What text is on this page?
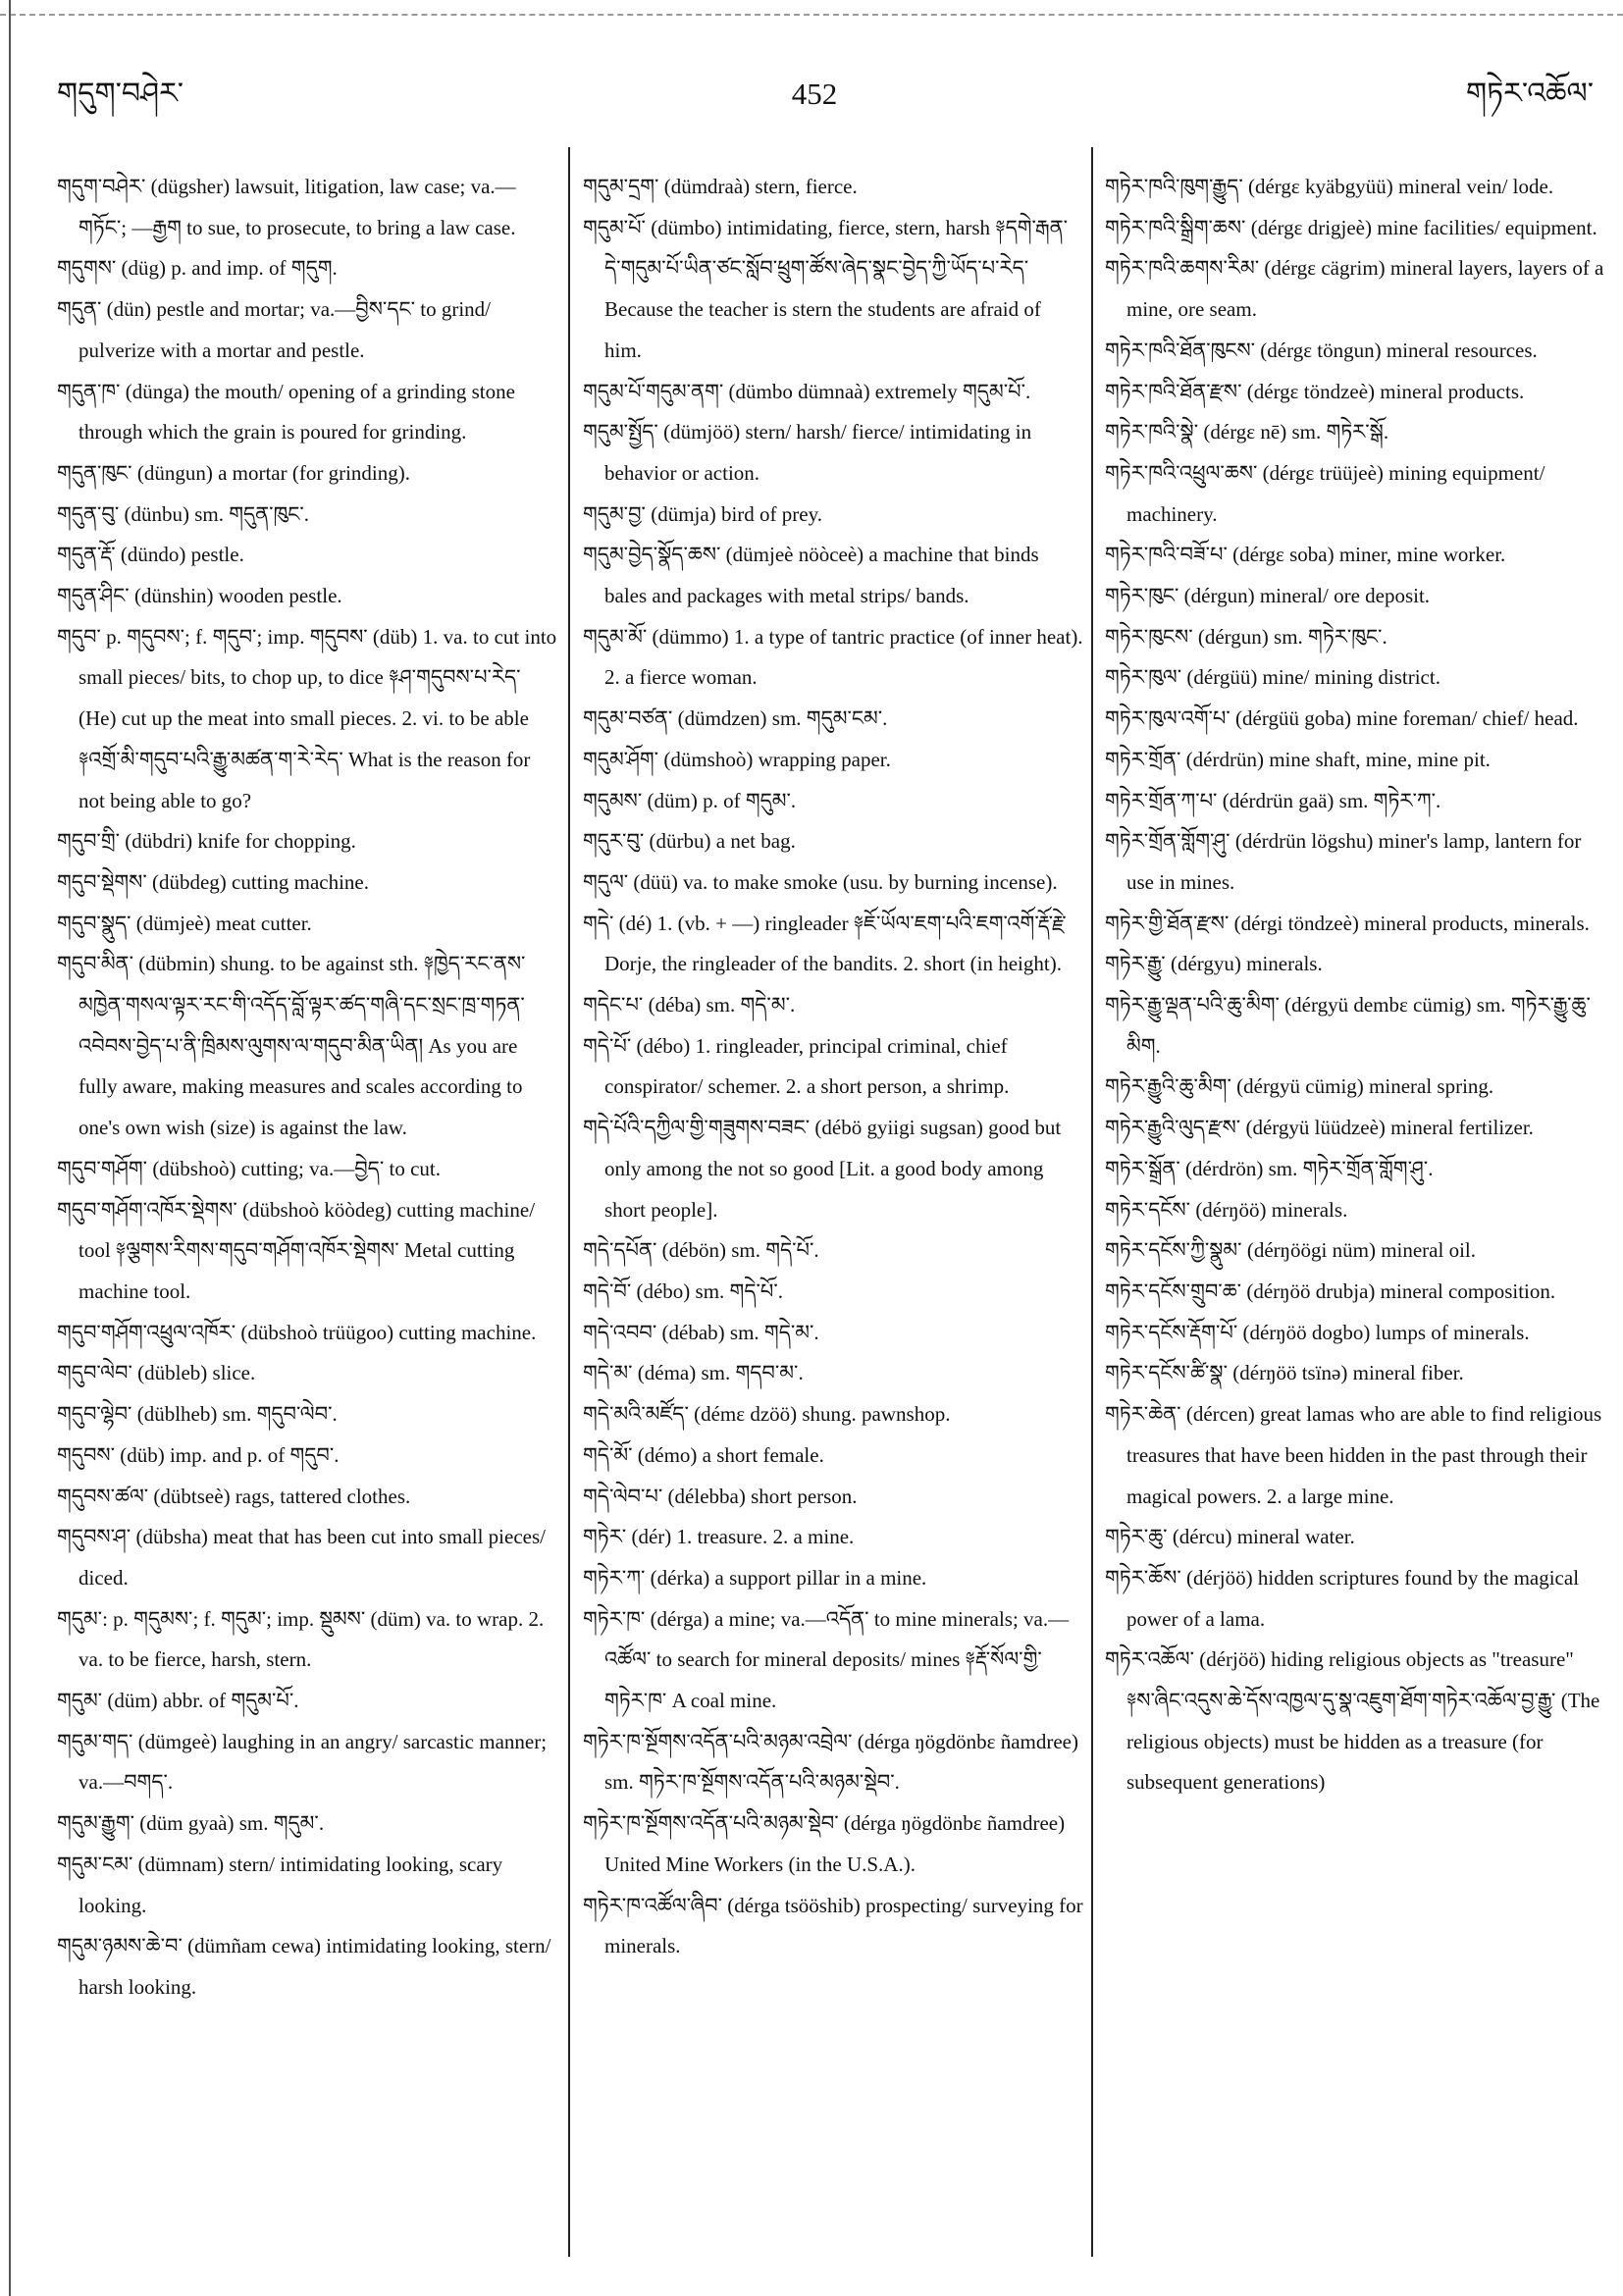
གདུག་བཤེར་	452	གཏེར་འཆོལ་

གདུག་བཤེར་ (dügsher) lawsuit, litigation, law case; va.— གཏོང་; —རྒྱག to sue, to prosecute, to bring a law case.

གདུགས་ (düg) p. and imp. of གདུག.

གདུན་ (dün) pestle and mortar; va.—བྱིས་དང་ to grind/ pulverize with a mortar and pestle.

གདུན་ཁ་ (dünga) the mouth/ opening of a grinding stone through which the grain is poured for grinding.

གདུན་ཁུང་ (düngun) a mortar (for grinding).

གདུན་བུ་ (dünbu) sm. གདུན་ཁུང་.

གདུན་རྡོ་ (dündo) pestle.

གདུན་ཤིང་ (dünshin) wooden pestle.

གདུབ་ p. གདུབས་; f. གདུབ་; imp. གདུབས་ (düb) 1. va. to cut into small pieces/ bits, to chop up, to dice ༈ཤ་གདུབས་པ་རེད་ (He) cut up the meat into small pieces. 2. vi. to be able ༈འགྲོ་མི་གདུབ་པའི་རྒྱུ་མཚན་ག་རེ་རེད་ What is the reason for not being able to go?

གདུབ་གྲི་ (dübdri) knife for chopping.

གདུབ་སྡེགས་ (dübdeg) cutting machine.

གདུབ་སྣུད་ (dümjeè) meat cutter.

གདུབ་མིན་ (dübmin) shung. to be against sth. ༈ཁྱེད་རང་ནས་མཁྱེན་གསལ་ལྟར་རང་གི་འདོད་བློ་ལྟར་ཚད་གཞི་དང་སྲང་ཁྲ་གཏན་འབེབས་བྱེད་པ་ནི་ཁྲིམས་ལུགས་ལ་གདུབ་མིན་ཡིན། As you are fully aware, making measures and scales according to one's own wish (size) is against the law.

གདུབ་གཤོག་ (dübshoò) cutting; va.—བྱེད་ to cut.

གདུབ་གཤོག་འཁོར་སྡེགས་ (dübshoò köòdeg) cutting machine/ tool ༈ལྕགས་རིགས་གདུབ་གཤོག་འཁོར་སྡེགས་ Metal cutting machine tool.

གདུབ་གཤོག་འཕྲུལ་འཁོར་ (dübshoò trüügoo) cutting machine.

གདུབ་ལེབ་ (dübleb) slice.

གདུབ་ལྷེབ་ (düblheb) sm. གདུབ་ལེབ་.

གདུབས་ (düb) imp. and p. of གདུབ་.

གདུབས་ཚལ་ (dübtseè) rags, tattered clothes.

གདུབས་ཤ་ (dübsha) meat that has been cut into small pieces/ diced.

གདུམ་: p. གདུམས་; f. གདུམ་; imp. སྡུམས་ (düm) va. to wrap. 2. va. to be fierce, harsh, stern.

གདུམ་ (düm) abbr. of གདུམ་པོ་.

གདུམ་གད་ (dümgeè) laughing in an angry/ sarcastic manner; va.—བགད་.

གདུམ་རྒྱུག་ (düm gyaà) sm. གདུམ་.

གདུམ་ངམ་ (dümnam) stern/ intimidating looking, scary looking.

གདུམ་ཉམས་ཆེ་བ་ (dümñam cewa) intimidating looking, stern/ harsh looking.

གདུམ་དྲག་ (dümdraà) stern, fierce.

གདུམ་པོ་ (dümbo) intimidating, fierce, stern, harsh ༈དགེ་རྒན་དེ་གདུམ་པོ་ཡིན་ཙང་སློབ་ཕྲུག་ཚོས་ཞེད་སྣང་བྱེད་ཀྱི་ཡོད་པ་རེད་ Because the teacher is stern the students are afraid of him.

གདུམ་པོ་གདུམ་ནག་ (dümbo dümnaà) extremely གདུམ་པོ་.

གདུམ་སྤྱོད་ (dümjöö) stern/ harsh/ fierce/ intimidating in behavior or action.

གདུམ་བྱ་ (dümja) bird of prey.

གདུམ་བྱེད་སྣོད་ཆས་ (dümjeè nöòceè) a machine that binds bales and packages with metal strips/ bands.

གདུམ་མོ་ (dümmo) 1. a type of tantric practice (of inner heat). 2. a fierce woman.

གདུམ་བཙན་ (dümdzen) sm. གདུམ་ངམ་.

གདུམ་ཤོག་ (dümshoò) wrapping paper.

གདུམས་ (düm) p. of གདུམ་.

གདུར་བུ་ (dürbu) a net bag.

གདུལ་ (düü) va. to make smoke (usu. by burning incense).

གདེ་ (dé) 1. (vb. + —) ringleader ༈ཇོ་ཡོལ་ཇག་པའི་ཇག་འགོ་རྡོ་རྗེ་ Dorje, the ringleader of the bandits. 2. short (in height).

གདེང་པ་ (déba) sm. གདེ་མ་.

གདེ་པོ་ (débo) 1. ringleader, principal criminal, chief conspirator/ schemer. 2. a short person, a shrimp.

གདེ་པོའི་དཀྱིལ་གྱི་གཟུགས་བཟང་ (débö gyiigi sugsan) good but only among the not so good [Lit. a good body among short people].

གདེ་དཔོན་ (débön) sm. གདེ་པོ་.

གདེ་བོ་ (débo) sm. གདེ་པོ་.

གདེ་འབབ་ (débab) sm. གདེ་མ་.

གདེ་མ་ (déma) sm. གདབ་མ་.

གདེ་མའི་མཛོད་ (démε dzöö) shung. pawnshop.

གདེ་མོ་ (démo) a short female.

གདེ་ལེབ་པ་ (délebba) short person.

གཏེར་ (dér) 1. treasure. 2. a mine.

གཏེར་ཀ་ (dérka) a support pillar in a mine.

གཏེར་ཁ་ (dérga) a mine; va.—འདོན་ to mine minerals; va.—འཚོལ་ to search for mineral deposits/ mines ༈རྡོ་སོལ་གྱི་གཏེར་ཁ་ A coal mine.

གཏེར་ཁ་སྔོགས་འདོན་པའི་མཉམ་འབྲེལ་ (dérga ŋögdönbε ñamdree) sm. གཏེར་ཁ་སྔོགས་འདོན་པའི་མཉམ་སྡེབ་.

གཏེར་ཁ་སྔོགས་འདོན་པའི་མཉམ་སྡེབ་ (dérga ŋögdönbε ñamdree) United Mine Workers (in the U.S.A.).

གཏེར་ཁ་འཚོལ་ཞིབ་ (dérga tsööshib) prospecting/ surveying for minerals.

གཏེར་ཁའི་ཁུག་རྒྱུད་ (dérgε kyäbgyüü) mineral vein/ lode.

གཏེར་ཁའི་སྒྲིག་ཆས་ (dérgε drigjeè) mine facilities/ equipment.

གཏེར་ཁའི་ཆགས་རིམ་ (dérgε cägrim) mineral layers, layers of a mine, ore seam.

གཏེར་ཁའི་ཐོན་ཁུངས་ (dérgε töngun) mineral resources.

གཏེར་ཁའི་ཐོན་རྫས་ (dérgε töndzeè) mineral products.

གཏེར་ཁའི་སྣེ་ (dérgε nē) sm. གཏེར་སྒོ.

གཏེར་ཁའི་འཕྲུལ་ཆས་ (dérgε trüüjeè) mining equipment/ machinery.

གཏེར་ཁའི་བཟོ་པ་ (dérgε soba) miner, mine worker.

གཏེར་ཁུང་ (dérgun) mineral/ ore deposit.

གཏེར་ཁུངས་ (dérgun) sm. གཏེར་ཁུང་.

གཏེར་ཁུལ་ (dérgüü) mine/ mining district.

གཏེར་ཁུལ་འགོ་པ་ (dérgüü goba) mine foreman/ chief/ head.

གཏེར་གྲོན་ (dérdrün) mine shaft, mine, mine pit.

གཏེར་གྲོན་ཀ་པ་ (dérdrün gaä) sm. གཏེར་ཀ་.

གཏེར་གྲོན་གློག་ཤུ་ (dérdrün lögshu) miner's lamp, lantern for use in mines.

གཏེར་གྱི་ཐོན་རྫས་ (dérgi töndzeè) mineral products, minerals.

གཏེར་རྒྱུ་ (dérgyu) minerals.

གཏེར་རྒྱུ་ལྡན་པའི་ཆུ་མིག་ (dérgyü dembε cümig) sm. གཏེར་རྒྱུ་ཆུ་མིག.

གཏེར་རྒྱུའི་ཆུ་མིག་ (dérgyü cümig) mineral spring.

གཏེར་རྒྱུའི་ལུད་རྫས་ (dérgyü lüüdzeè) mineral fertilizer.

གཏེར་སྒྲོན་ (dérdrön) sm. གཏེར་གྲོན་གློག་ཤུ་.

གཏེར་དངོས་ (dérŋöö) minerals.

གཏེར་དངོས་ཀྱི་སྣུམ་ (dérŋöögi nüm) mineral oil.

གཏེར་དངོས་གྲུབ་ཆ་ (dérŋöö drubja) mineral composition.

གཏེར་དངོས་རྡོག་པོ་ (dérŋöö dogbo) lumps of minerals.

གཏེར་དངོས་ཚི་སྣ་ (dérŋöö tsïnə) mineral fiber.

གཏེར་ཆེན་ (dércen) great lamas who are able to find religious treasures that have been hidden in the past through their magical powers. 2. a large mine.

གཏེར་ཆུ་ (dércu) mineral water.

གཏེར་ཆོས་ (dérjöö) hidden scriptures found by the magical power of a lama.

གཏེར་འཆོལ་ (dérjöö) hiding religious objects as "treasure" ༈ས་ཞིང་འདུས་ཆེ་དོས་འཁྱལ་དུ་སྣ་འཇུག་ཐོག་གཏེར་འཆོལ་བྱ་རྒྱུ་ (The religious objects) must be hidden as a treasure (for subsequent generations)
